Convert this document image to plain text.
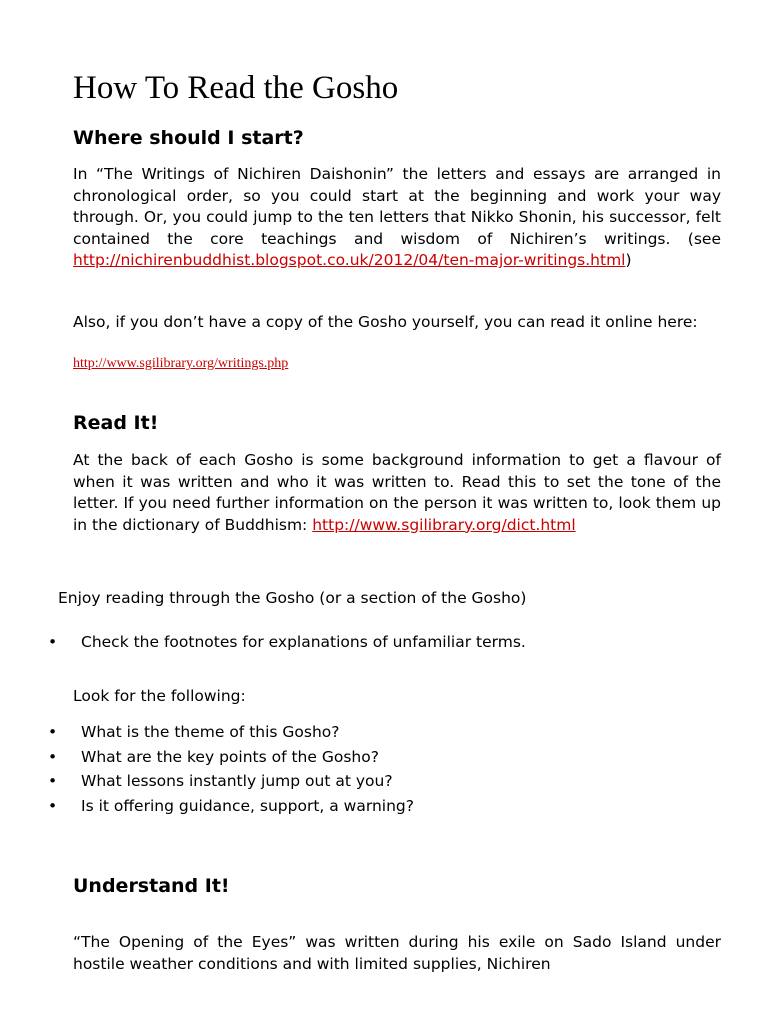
How To Read the Gosho
Where should I start?

In “The Writings of Nichiren Daishonin” the letters and essays are arranged in chronological order, so you could start at the beginning and work your way through. Or, you could jump to the ten letters that Nikko Shonin, his successor, felt contained the core teachings and wisdom of Nichiren’s writings. (see http://nichirenbuddhist.blogspot.co.uk/2012/04/ten-major-writings.html)

Also, if you don’t have a copy of the Gosho yourself, you can read it online here:

http://www.sgilibrary.org/writings.php

Read It!

At the back of each Gosho is some background information to get a flavour of when it was written and who it was written to. Read this to set the tone of the letter. If you need further information on the person it was written to, look them up in the dictionary of Buddhism: http://www.sgilibrary.org/dict.html

Enjoy reading through the Gosho (or a section of the Gosho)

• Check the footnotes for explanations of unfamiliar terms.

Look for the following:

• What is the theme of this Gosho?
• What are the key points of the Gosho?
• What lessons instantly jump out at you?
• Is it offering guidance, support, a warning?
Understand It!

“The Opening of the Eyes” was written during his exile on Sado Island under hostile weather conditions and with limited supplies, Nichiren
